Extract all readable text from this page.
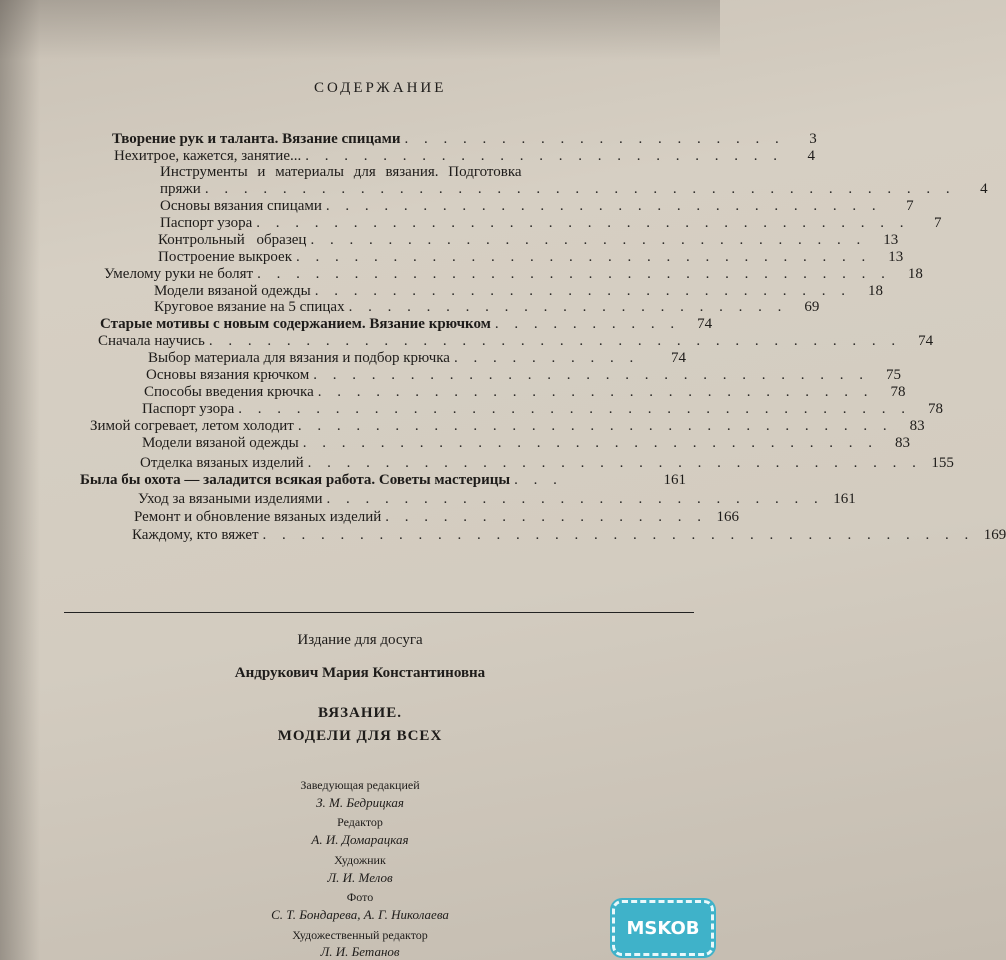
СОДЕРЖАНИЕ
Творение рук и таланта. Вязание спицами . . . . . . . . . . . . . . . . . . . .	3
Нехитрое, кажется, занятие... . . . . . . . . . . . . . . . . . . . . . . . . .	4
Инструменты и материалы для вязания. Подготовка
пряжи . . . . . . . . . . . . . . . . . . . . . . . . . . . . . . . . . . . . . . .	4
Основы вязания спицами . . . . . . . . . . . . . . . . . . . . . . . . . . . . .	7
Паспорт узора . . . . . . . . . . . . . . . . . . . . . . . . . . . . . . . . . .	7
Контрольный образец . . . . . . . . . . . . . . . . . . . . . . . . . . . . .	13
Построение выкроек . . . . . . . . . . . . . . . . . . . . . . . . . . . . . .	13
Умелому руки не болят . . . . . . . . . . . . . . . . . . . . . . . . . . . . . . . . .	18
Модели вязаной одежды . . . . . . . . . . . . . . . . . . . . . . . . . . . .	18
Круговое вязание на 5 спицах . . . . . . . . . . . . . . . . . . . . . . .	69
Старые мотивы с новым содержанием. Вязание крючком . . . . . . . . . .	74
Сначала научись . . . . . . . . . . . . . . . . . . . . . . . . . . . . . . . . . . . .	74
Выбор материала для вязания и подбор крючка . . . . . . . . . .	74
Основы вязания крючком . . . . . . . . . . . . . . . . . . . . . . . . . . . . .	75
Способы введения крючка . . . . . . . . . . . . . . . . . . . . . . . . . . . . .	78
Паспорт узора . . . . . . . . . . . . . . . . . . . . . . . . . . . . . . . . . . .	78
Зимой согревает, летом холодит . . . . . . . . . . . . . . . . . . . . . . . . . . . . . . .	83
Модели вязаной одежды . . . . . . . . . . . . . . . . . . . . . . . . . . . . . .	83
Отделка вязаных изделий . . . . . . . . . . . . . . . . . . . . . . . . . . . . . . . . 155
Была бы охота — заладится всякая работа. Советы мастерицы . . .	161
Уход за вязаными изделиями . . . . . . . . . . . . . . . . . . . . . . . . . . 161
Ремонт и обновление вязаных изделий . . . . . . . . . . . . . . . . . 166
Каждому, кто вяжет . . . . . . . . . . . . . . . . . . . . . . . . . . . . . . . . . . . . . 169
Издание для досуга
Андрукович Мария Константиновна
ВЯЗАНИЕ.
МОДЕЛИ ДЛЯ ВСЕХ
Заведующая редакцией
З. М. Бедрицкая
Редактор
А. И. Домарацкая
Художник
Л. И. Мелов
Фото
С. Т. Бондарева, А. Г. Николаева
Художественный редактор
Л. И. Бетанов
MSKOB
